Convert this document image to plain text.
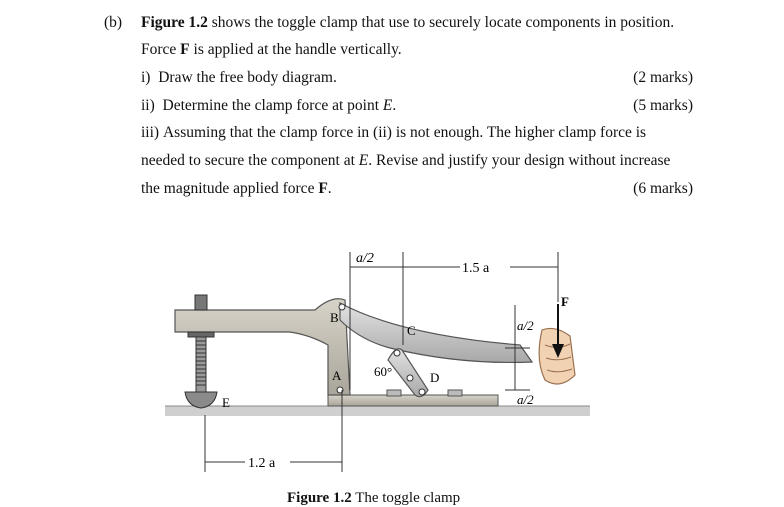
(b) Figure 1.2 shows the toggle clamp that use to securely locate components in position.
Force F is applied at the handle vertically.
i) Draw the free body diagram.	(2 marks)
ii) Determine the clamp force at point E.	(5 marks)
iii) Assuming that the clamp force in (ii) is not enough. The higher clamp force is
needed to secure the component at E. Revise and justify your design without increase
the magnitude applied force F.	(6 marks)
a/2
1.5 a
a/2
a/2
1.2 a
B
A
C
D
E
F
60°
Figure 1.2 The toggle clamp
